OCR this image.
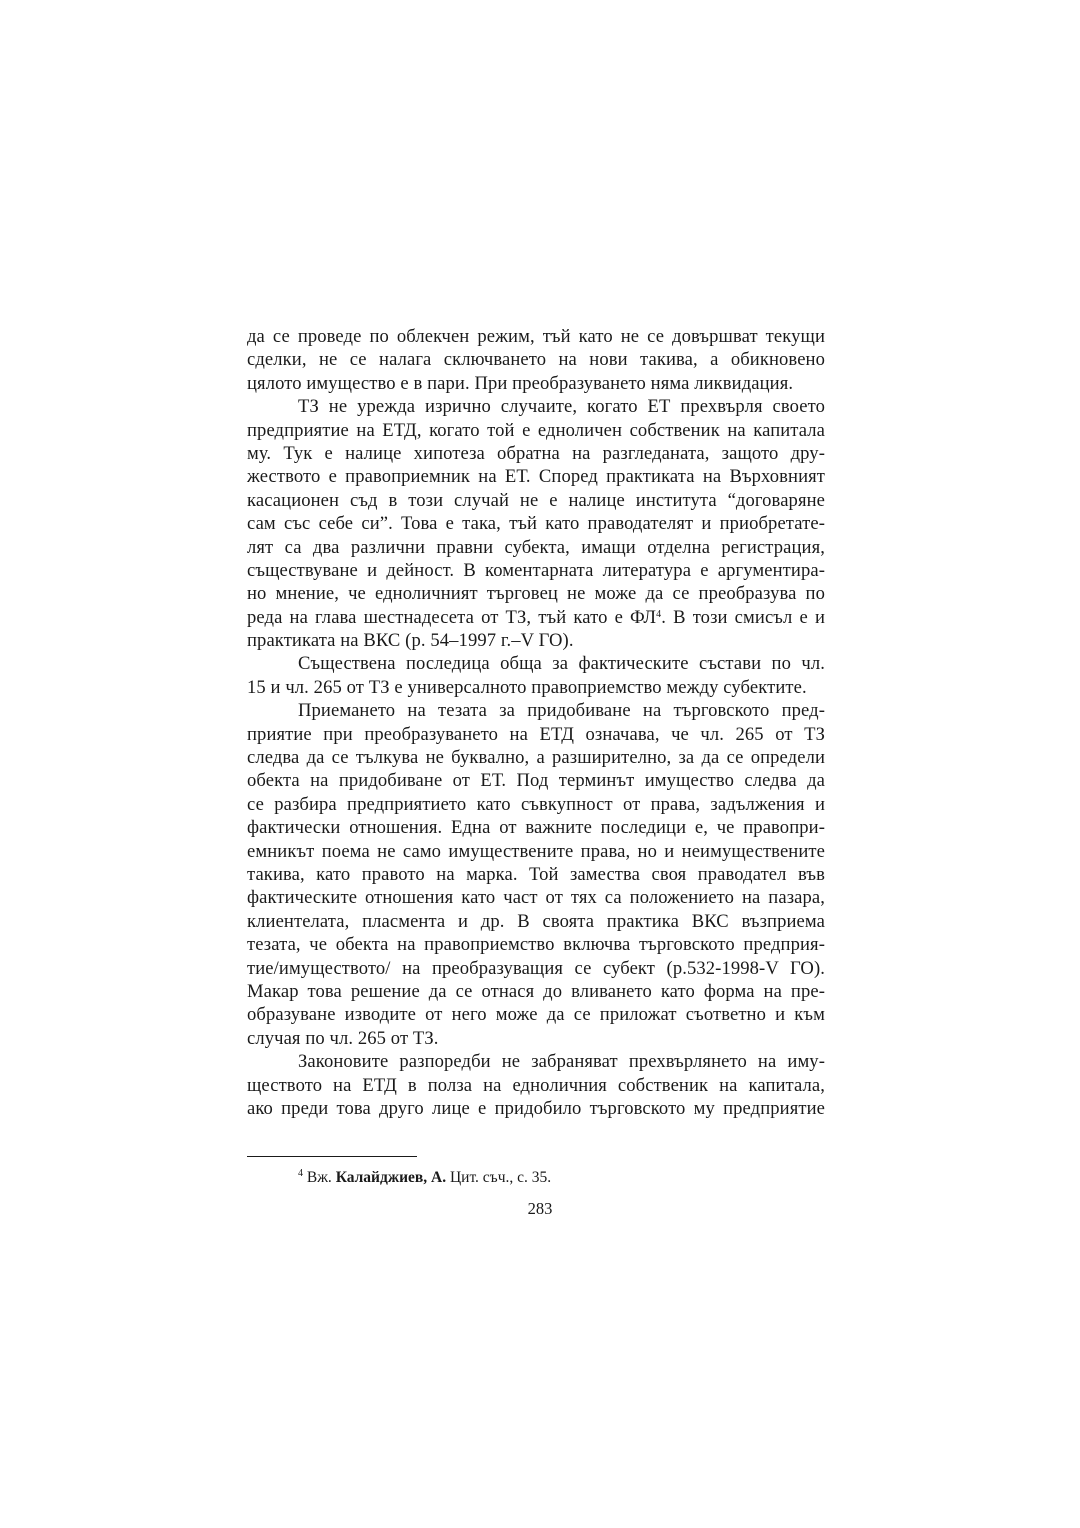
да се проведе по облекчен режим, тъй като не се довършват текущи
сделки, не се налага сключването на нови такива, а обикновено
цялото имущество е в пари. При преобразуването няма ликвидация.
ТЗ не урежда изрично случаите, когато ЕТ прехвърля своето
предприятие на ЕТД, когато той е едноличен собственик на капитала
му. Тук е налице хипотеза обратна на разгледаната, защото дру-
жеството е правоприемник на ЕТ. Според практиката на Върховният
касационен съд в този случай не е налице института “договаряне
сам със себе си”. Това е така, тъй като праводателят и приобретате-
лят са два различни правни субекта, имащи отделна регистрация,
съществуване и дейност. В коментарната литература е аргументира-
но мнение, че едноличният търговец не може да се преобразува по
реда на глава шестнадесета от ТЗ, тъй като е $ФЛ^4$. В този смисъл е и
практиката на ВКС (р. 54–1997 г.–V ГО).
Съществена последица обща за фактическите състави по чл.
15 и чл. 265 от ТЗ е универсалното правоприемство между субектите.
Приемането на тезата за придобиване на търговското пред-
приятие при преобразуването на ЕТД означава, че чл. 265 от ТЗ
следва да се тълкува не буквално, а разширително, за да се определи
обекта на придобиване от ЕТ. Под терминът имущество следва да
се разбира предприятието като съвкупност от права, задължения и
фактически отношения. Една от важните последици е, че правопри-
емникът поема не само имуществените права, но и неимуществените
такива, като правото на марка. Той замества своя праводател във
фактическите отношения като част от тях са положението на пазара,
клиентелата, пласмента и др. В своята практика ВКС възприема
тезата, че обекта на правоприемство включва търговското предприя-
тие/имуществото/ на преобразуващия се субект (р.532-1998-V ГО).
Макар това решение да се отнася до вливането като форма на пре-
образуване изводите от него може да се приложат съответно и към
случая по чл. 265 от ТЗ.
Законовите разпоредби не забраняват прехвърлянето на иму-
ществото на ЕТД в полза на едноличния собственик на капитала,
ако преди това друго лице е придобило търговското му предприятие
$^4$ Вж. Калайджиев, А. Цит. съч., с. 35.
283
